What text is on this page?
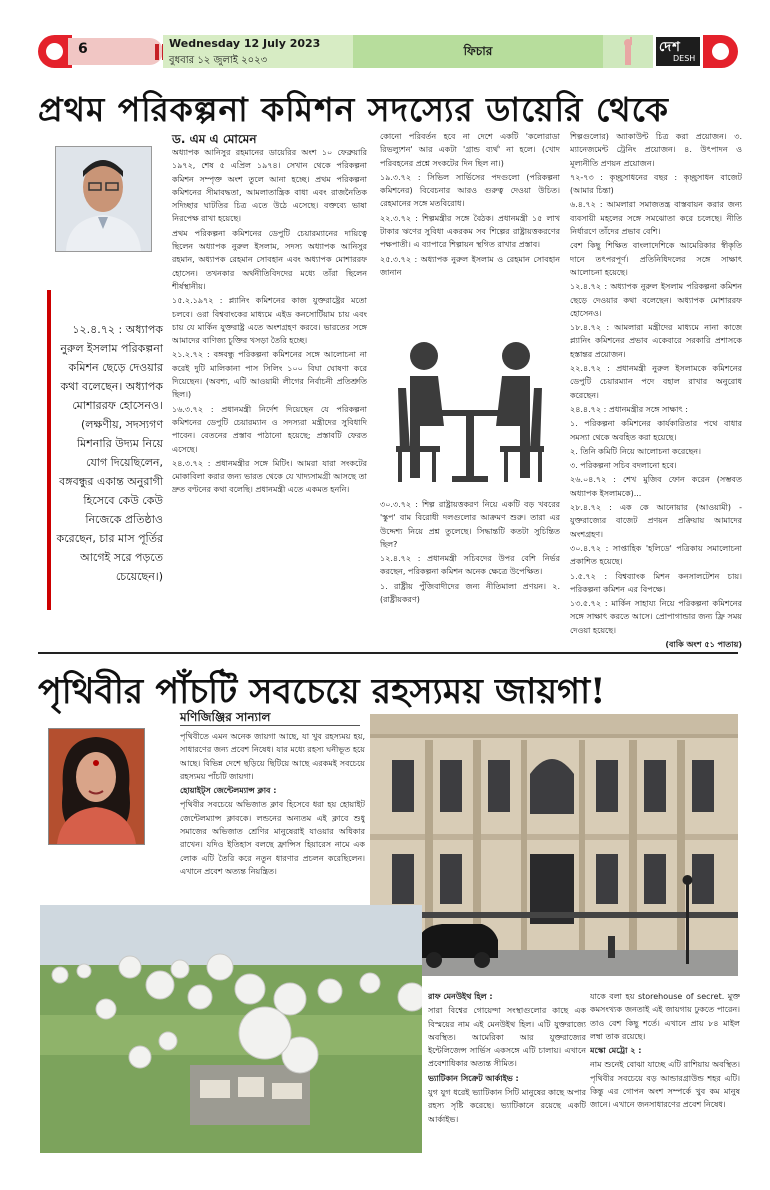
6	Wednesday 12 July 2023
বুধবার ১২ জুলাই ২০২৩
ফিচার	দেশ
DESH
প্রথম পরিকল্পনা কমিশন সদস্যের ডায়েরি থেকে
ড. এম এ মোমেন

১২.৪.৭২ : অধ্যাপক নুরুল ইসলাম পরিকল্পনা কমিশন ছেড়ে দেওয়ার কথা বলেছেন। অধ্যাপক মোশাররফ হোসেনও। (লক্ষণীয়, সদস্যগণ মিশনারি উদ্যম নিয়ে যোগ দিয়েছিলেন, বঙ্গবন্ধুর একান্ত অনুরাগী হিসেবে কেউ কেউ নিজেকে প্রতিষ্ঠাও করেছেন, চার মাস পূর্তির আগেই সরে পড়তে চেয়েছেন।)

অধ্যাপক আনিসুর রহমানের ডায়েরির অংশ ১০ ফেব্রুয়ারি ১৯৭২, শেষ ৫ এপ্রিল ১৯৭৪। সেখান থেকে পরিকল্পনা কমিশন সম্পৃক্ত অংশ তুলে আনা হচ্ছে। প্রথম পরিকল্পনা কমিশনের সীমাবদ্ধতা, আমলাতান্ত্রিক বাধা এবং রাজনৈতিক সদিচ্ছার ঘাটতির চিত্র এতে উঠে এসেছে। বক্তব্যে ভাষা নিরপেক্ষ রাখা হয়েছে।

প্রথম পরিকল্পনা কমিশনের ডেপুটি চেয়ারম্যানের দায়িত্বে ছিলেন অধ্যাপক নুরুল ইসলাম, সদস্য অধ্যাপক আনিসুর রহমান, অধ্যাপক রেহমান সোবহান এবং অধ্যাপক মোশাররফ হোসেন। তখনকার অর্থনীতিবিদদের মধ্যে তাঁরা ছিলেন শীর্ষস্থানীয়।

১৫.২.১৯৭২ : প্ল্যানিং কমিশনের কাজ যুক্তরাষ্ট্রের মতো চলবে। ওরা বিশ্ববাংকের মাধ্যমে এইড কনসোর্টিয়াম চায় এবং চায় যে মার্কিন যুক্তরাষ্ট্র এতে অংশগ্রহণ করবে। ভারতের সঙ্গে আমাদের বাণিজ্য চুক্তির খসড়া তৈরি হচ্ছে।

২১.২.৭২ : বঙ্গবন্ধু পরিকল্পনা কমিশনের সঙ্গে আলোচনা না করেই দুটি মালিকানা পাস সিলিং ১০০ বিঘা ঘোষণা করে দিয়েছেন। (অবশ্য, এটি আওয়ামী লীগের নির্বাচনী প্রতিশ্রুতি ছিল।)

১৬.৩.৭২ : প্রধানমন্ত্রী নির্দেশ দিয়েছেন যে পরিকল্পনা কমিশনের ডেপুটি চেয়ারম্যান ও সদস্যরা মন্ত্রীদের সুবিধাদি পাবেন। বেতনের প্রস্তাব পাঠানো হয়েছে; প্রস্তাবটি ফেরত এসেছে।

২৪.৩.৭২ : প্রধানমন্ত্রীর সঙ্গে মিটিং। আমরা যারা সংকটের মোকাবিলা করার জন্য ভারত থেকে যে খাদ্যসামগ্রী আসছে তা দ্রুত বণ্টনের কথা বলেছি। প্রধানমন্ত্রী এতে একমত হননি।

কোনো পরিবর্তন হবে না দেশে একটি 'কলোরাডা রিভল্যুশন' আর একটা 'গ্রান্ড ব্যর্থ' না হলে। (খোদ পরিবহনের প্রশ্নে সংকটের দিন ছিল না।)

১৯.৩.৭২ : সিভিল সার্ভিসের পদগুলো (পরিকল্পনা কমিশনের) বিবেচনার আরও গুরুত্ব দেওয়া উচিত। রেহমানের সঙ্গে মতবিরোধ।

২২.৩.৭২ : শিল্পমন্ত্রীর সঙ্গে বৈঠক। প্রধানমন্ত্রী ১৫ লাখ টাকার ঋণের সুবিধা একরকম সব শিল্পের রাষ্ট্রায়ত্তকরণের পক্ষপাতী। এ ব্যাপারে শিল্পায়ন স্থগিত রাখার প্রস্তাব।

২৫.৩.৭২ : অধ্যাপক নুরুল ইসলাম ও রেহমান সোবহান জানান

৩০.৩.৭২ : শিল্প রাষ্ট্রায়ত্তকরণ নিয়ে একটি বড় খবরের 'স্কুপ' বাম বিরোধী দলগুলোর আক্রমণ শুরু। তারা এর উদ্দেশ্য নিয়ে প্রশ্ন তুলেছে। সিদ্ধান্তটি কতটা সুচিন্তিত ছিল?

১২.৪.৭২ : প্রধানমন্ত্রী সচিবদের উপর বেশি নির্ভর করছেন, পরিকল্পনা কমিশন অনেক ক্ষেত্রে উপেক্ষিত।

১. রাষ্ট্রীয় পুঁজিবাদীদের জন্য নীতিমালা প্রণয়ন। ২. (রাষ্ট্রীয়করণ)

শিল্পগুলোর) অ্যাকাউন্ট চিত্র করা প্রয়োজন। ৩. ম্যানেজমেন্ট ট্রেনিং প্রয়োজন। ৪. উৎপাদন ও মূল্যনীতি প্রণয়ন প্রয়োজন।

৭২-৭৩ : কৃচ্ছ্রসাধনের বছর : কৃচ্ছ্রসাধন বাজেট (আমার চিন্তা)

৬.৪.৭২ : আমলারা সমাজতন্ত্র বাস্তবায়ন করার জন্য ব্যবসায়ী মহলের সঙ্গে সমঝোতা করে চলেছে। নীতি নির্ধারণে তাঁদের প্রভাব বেশি।

বেশ কিছু শিক্ষিত বাংলাদেশিকে আমেরিকার স্বীকৃতি দানে তৎপরপূর্ণ। প্রতিনিধিদলের সঙ্গে সাক্ষাৎ আলোচনা হয়েছে।

১২.৪.৭২ : অধ্যাপক নুরুল ইসলাম পরিকল্পনা কমিশন ছেড়ে দেওয়ার কথা বলেছেন। অধ্যাপক মোশাররফ হোসেনও।

১৮.৪.৭২ : আমলারা মন্ত্রীদের মাধ্যমে নানা কাজে প্ল্যানিং কমিশনের প্রভাব একেবারে সরকারি প্রশাসকে হস্তান্তর প্রয়োজন।

২২.৪.৭২ : প্রধানমন্ত্রী নুরুল ইসলামকে কমিশনের ডেপুটি চেয়ারম্যান পদে বহাল রাখার অনুরোধ করেছেন।

২৪.৪.৭২ : প্রধানমন্ত্রীর সঙ্গে সাক্ষাৎ :

১. পরিকল্পনা কমিশনের কার্যকারিতার পথে বাধার সমস্যা থেকে অবহিত করা হয়েছে।

২. তিনি কমিটি নিয়ে আলোচনা করেছেন।

৩. পরিকল্পনা সচিব বদলানো হবে।

২৬.০৪.৭২ : শেখ মুজিব ফোন করেন (সম্ভবত অধ্যাপক ইসলামকে)...

২৮.৪.৭২ : এক কে আনোয়ার (আওয়ামী) - যুক্তরাজ্যের বাজেট প্রণয়ন প্রক্রিয়ায় আমাদের অংশগ্রহণ।

৩০.৪.৭২ : সাপ্তাহিক 'হলিডে' পত্রিকায় সমালোচনা প্রকাশিত হয়েছে।

১.৫.৭২ : বিশ্বব্যাংক মিশন কনসালটেশন চায়। পরিকল্পনা কমিশন এর বিপক্ষে।

১৩.৫.৭২ : মার্কিন সাহায্য নিয়ে পরিকল্পনা কমিশনের সঙ্গে সাক্ষাৎ করতে আসে। প্রোপাগান্ডার জন্য ফ্রি সময় দেওয়া হয়েছে।

(বাকি অংশ ৫১ পাতায়)

পৃথিবীর পাঁচটি সবচেয়ে রহস্যময় জায়গা!
মণিজিঞ্জির সান্যাল

পৃথিবীতে এমন অনেক জায়গা আছে, যা খুব রহস্যময় হয়, সাধারণের জন্য প্রবেশ নিষেধ। যার মধ্যে রহস্য ঘনীভূত হয়ে আছে। বিভিন্ন দেশে ছড়িয়ে ছিটিয়ে আছে এরকমই সবচেয়ে রহস্যময় পাঁচটি জায়গা।

হোয়াইট্স জেন্টেলম্যান্স ক্লাব :

পৃথিবীর সবচেয়ে অভিজাত ক্লাব হিসেবে ধরা হয় হোয়াইট জেন্টেলম্যান্স ক্লাবকে। লন্ডনের অন্যতম এই ক্লাবে শুধু সমাজের অভিজাত শ্রেণির মানুষেরাই যাওয়ার অধিকার রাখেন। যদিও ইতিহাস বলছে ফ্রান্সিস হিয়ারেস নামে এক লোক এটি তৈরি করে নতুন ধারণার প্রচলন করেছিলেন। এখানে প্রবেশ অত্যন্ত নিয়ন্ত্রিত।

রাফ মেনউইথ হিল :

সারা বিশ্বের গোয়েন্দা সংস্থাগুলোর কাছে এক বিস্ময়ের নাম এই মেনউইথ হিল। এটি যুক্তরাজ্যে অবস্থিত। আমেরিকা আর যুক্তরাজ্যের ইন্টেলিজেন্স সার্ভিস একসঙ্গে এটি চালায়। এখানে প্রবেশাধিকার অত্যন্ত সীমিত।

ভ্যাটিকান সিক্রেট আর্কাইভ :

যুগ যুগ ধরেই ভ্যাটিকান সিটি মানুষের কাছে অপার রহস্য সৃষ্টি করেছে। ভ্যাটিকানে রয়েছে একটি আর্কাইভ।

যাকে বলা হয় storehouse of secret. মুক্ত কমসংখ্যক জনতাই এই জায়গায় ঢুকতে পারেন। তাও বেশ কিছু শর্তে। এখানে প্রায় ৮৪ মাইল লম্বা তাক রয়েছে।

মস্কো মেট্রো ২ :

নাম শুনেই বোঝা যাচ্ছে এটি রাশিয়ায় অবস্থিত। পৃথিবীর সবচেয়ে বড় আন্ডারগ্রাউন্ড শহর এটি। কিন্তু এর গোপন অংশ সম্পর্কে খুব কম মানুষ জানে। এখানে জনসাধারণের প্রবেশ নিষেধ।
